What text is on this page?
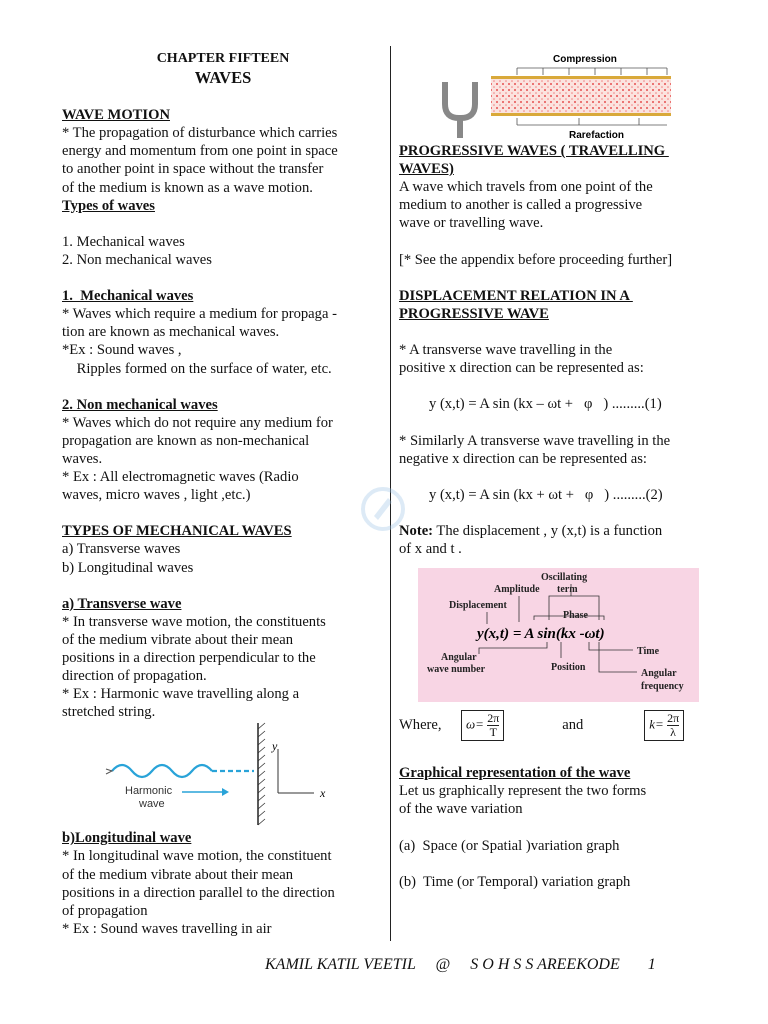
CHAPTER FIFTEEN

WAVES

WAVE MOTION

* The propagation of disturbance which carries

energy and momentum from one point in space

to another point in space without the transfer

of the medium is known as a wave motion.

Types of waves

1. Mechanical waves

2. Non mechanical waves

1.  Mechanical waves

* Waves which require a medium for propaga -

tion are known as mechanical waves.

*Ex : Sound waves ,

Ripples formed on the surface of water, etc.

2. Non mechanical waves

* Waves which do not require any medium for

propagation are known as non-mechanical

waves.

* Ex : All electromagnetic waves (Radio

waves, micro waves , light ,etc.)

TYPES OF MECHANICAL WAVES

a) Transverse waves

b) Longitudinal waves

a) Transverse wave

* In transverse wave motion, the constituents

of the medium vibrate about their mean

positions in a direction perpendicular to the

direction of propagation.

* Ex : Harmonic wave travelling along a

stretched string.

y
x
Harmonic
wave

b)Longitudinal wave

* In longitudinal wave motion, the constituent

of the medium vibrate about their mean

positions in a direction parallel to the direction

of propagation

* Ex : Sound waves travelling in air

Compression
Rarefaction

PROGRESSIVE WAVES ( TRAVELLING

WAVES)

A wave which travels from one point of the

medium to another is called a progressive

wave or travelling wave.

[* See the appendix before proceeding further]

DISPLACEMENT RELATION IN A

PROGRESSIVE WAVE

* A transverse wave travelling in the

positive x direction can be represented as:

y (x,t) = A sin (kx – ωt +   φ   ) .........(1)

* Similarly A transverse wave travelling in the

negative x direction can be represented as:

y (x,t) = A sin (kx + ωt +   φ   ) .........(2)

Note: The displacement , y (x,t) is a function

of x and t .

Oscillating
term
Amplitude
Displacement
Phase
Time
Angular
wave number	Position
Angular
frequency
y(x,t) = A sin(kx -ωt)
Where,	$\omega= \frac{2\pi}{T}$	and	$k= \frac{2\pi}{\lambda}$

Graphical representation of the wave

Let us graphically represent the two forms

of the wave variation

(a)  Space (or Spatial )variation graph

(b)  Time (or Temporal) variation graph

KAMIL KATIL VEETIL     @     S O H S S AREEKODE       1
